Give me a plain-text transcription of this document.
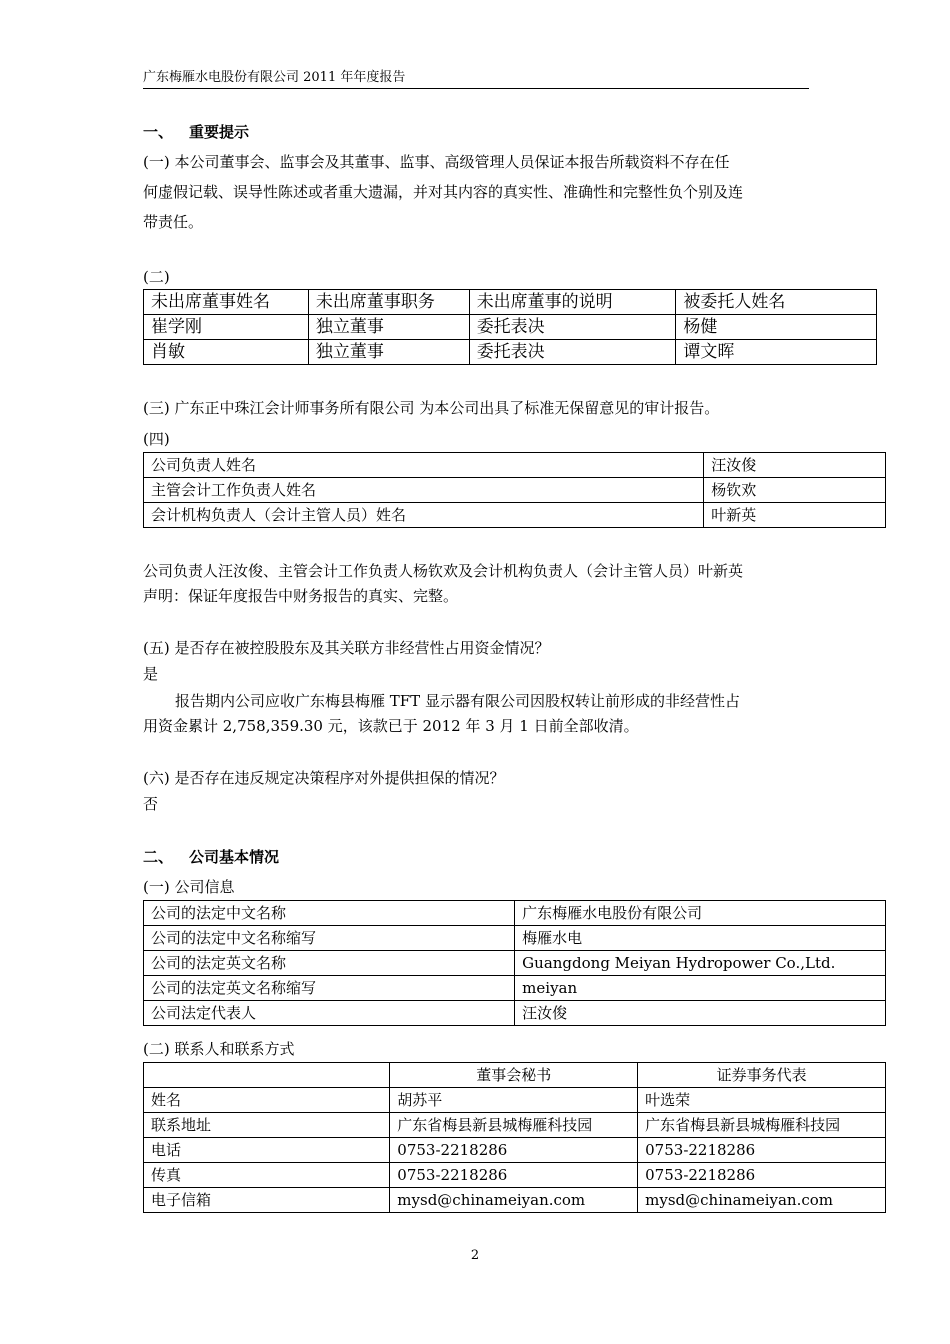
广东梅雁水电股份有限公司 2011 年年度报告
一、 重要提示
(一) 本公司董事会、监事会及其董事、监事、高级管理人员保证本报告所载资料不存在任
何虚假记载、误导性陈述或者重大遗漏，并对其内容的真实性、准确性和完整性负个别及连
带责任。
(二)
未出席董事姓名	未出席董事职务	未出席董事的说明	被委托人姓名
崔学刚	独立董事	委托表决	杨健
肖敏	独立董事	委托表决	谭文晖
(三) 广东正中珠江会计师事务所有限公司 为本公司出具了标准无保留意见的审计报告。
(四)
公司负责人姓名	汪汝俊
主管会计工作负责人姓名	杨钦欢
会计机构负责人（会计主管人员）姓名	叶新英
公司负责人汪汝俊、主管会计工作负责人杨钦欢及会计机构负责人（会计主管人员）叶新英
声明：保证年度报告中财务报告的真实、完整。
(五) 是否存在被控股股东及其关联方非经营性占用资金情况？
是
报告期内公司应收广东梅县梅雁 TFT 显示器有限公司因股权转让前形成的非经营性占
用资金累计 2,758,359.30 元，该款已于 2012 年 3 月 1 日前全部收清。
(六) 是否存在违反规定决策程序对外提供担保的情况？
否
二、 公司基本情况
(一) 公司信息
公司的法定中文名称	广东梅雁水电股份有限公司
公司的法定中文名称缩写	梅雁水电
公司的法定英文名称	Guangdong Meiyan Hydropower Co.,Ltd.
公司的法定英文名称缩写	meiyan
公司法定代表人	汪汝俊
(二) 联系人和联系方式
	董事会秘书	证券事务代表
姓名	胡苏平	叶选荣
联系地址	广东省梅县新县城梅雁科技园	广东省梅县新县城梅雁科技园
电话	0753-2218286	0753-2218286
传真	0753-2218286	0753-2218286
电子信箱	mysd@chinameiyan.com	mysd@chinameiyan.com
2
